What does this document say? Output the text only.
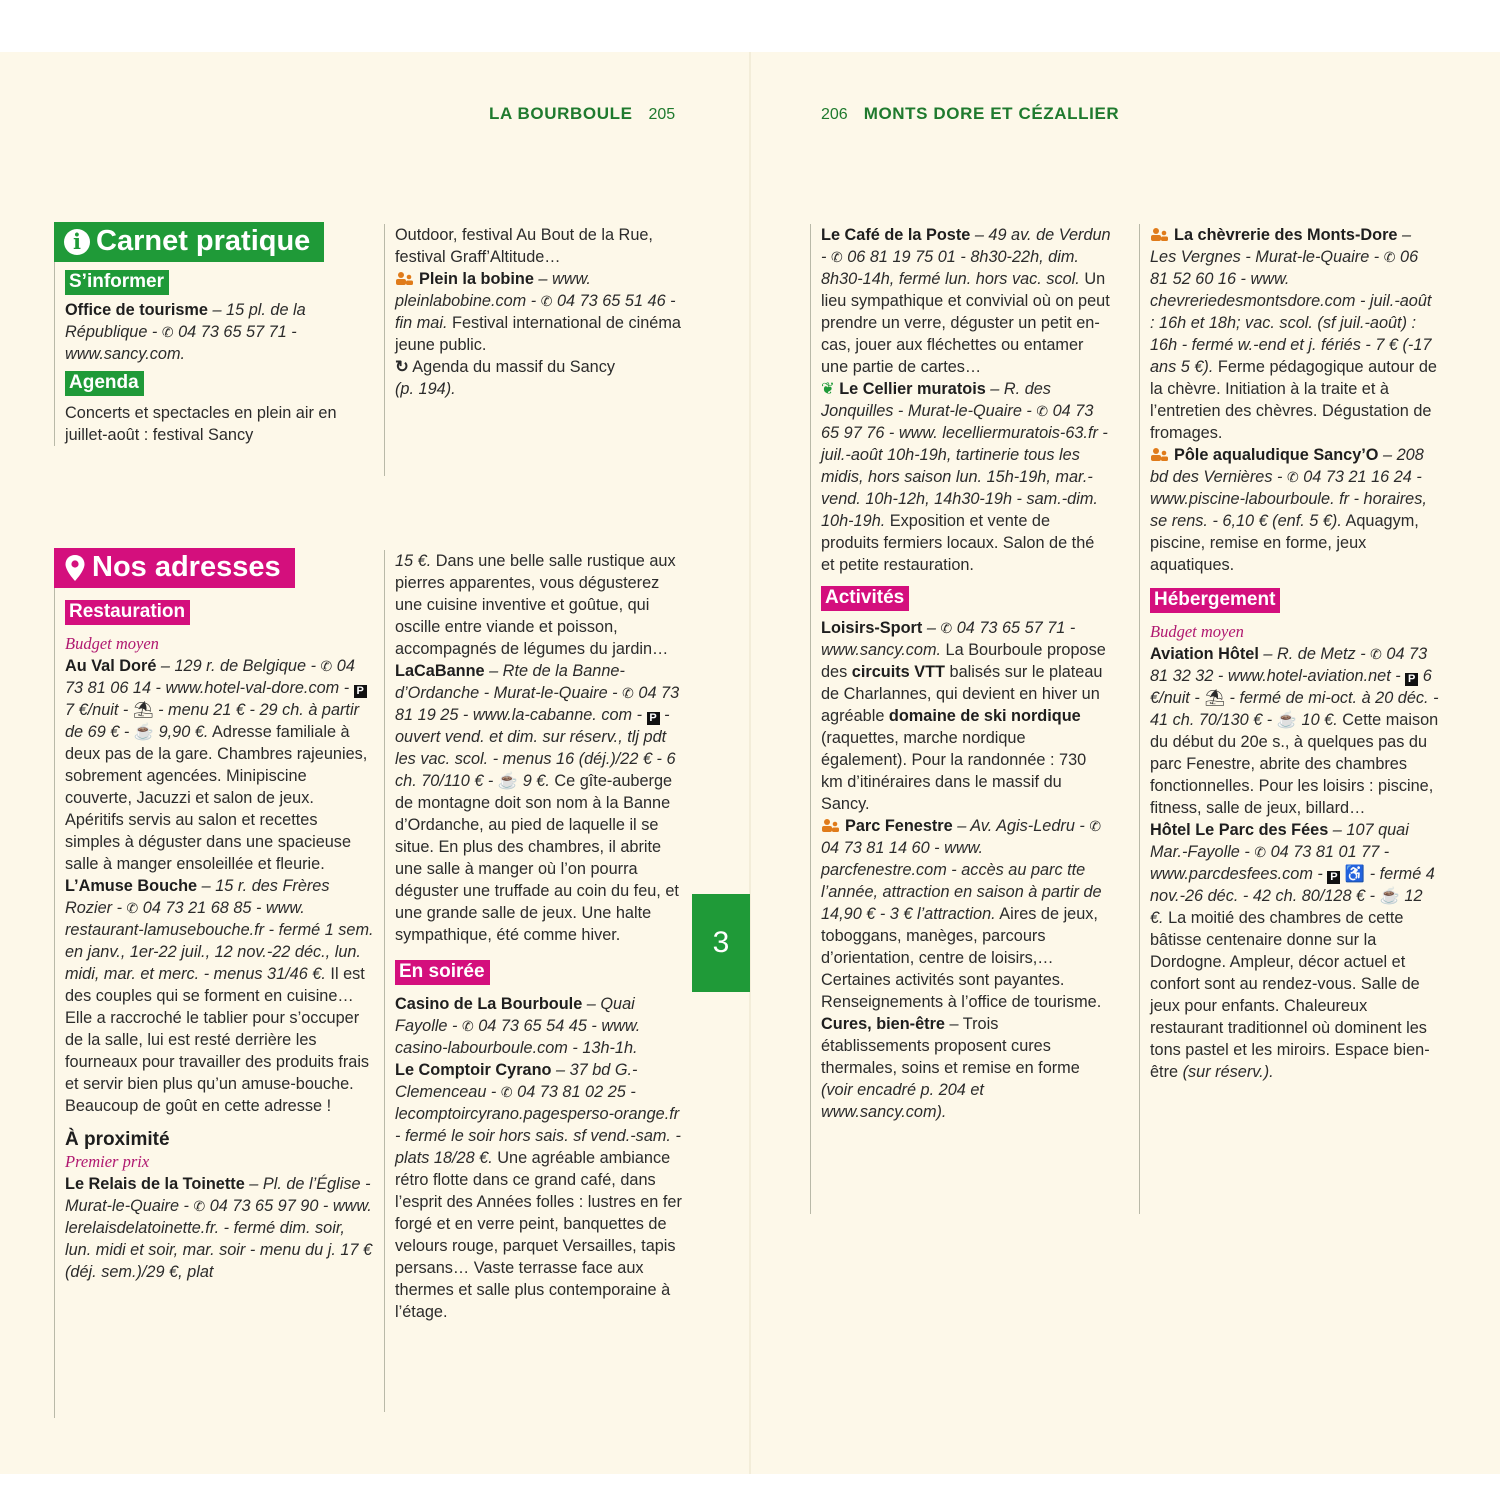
LA BOURBOULE 205	206 MONTS DORE ET CÉZALLIER
i Carnet pratique
S’informer

Office de tourisme – 15 pl. de la République - ✆ 04 73 65 57 71 - www.sancy.com.

Agenda

Concerts et spectacles en plein air en juillet-août : festival Sancy

Outdoor, festival Au Bout de la Rue, festival Graff’Altitude…

Plein la bobine – www. pleinlabobine.com - ✆ 04 73 65 51 46 - fin mai. Festival international de cinéma jeune public.

↻ Agenda du massif du Sancy
(p. 194).

Nos adresses
Restauration

Budget moyen

Au Val Doré – 129 r. de Belgique - ✆ 04 73 81 06 14 - www.hotel-val-dore.com - P 7 €/nuit - ⛱ - menu 21 € - 29 ch. à partir de 69 € - ☕ 9,90 €. Adresse familiale à deux pas de la gare. Chambres rajeunies, sobrement agencées. Minipiscine couverte, Jacuzzi et salon de jeux. Apéritifs servis au salon et recettes simples à déguster dans une spacieuse salle à manger ensoleillée et fleurie.

L’Amuse Bouche – 15 r. des Frères Rozier - ✆ 04 73 21 68 85 - www. restaurant-lamusebouche.fr - fermé 1 sem. en janv., 1er-22 juil., 12 nov.-22 déc., lun. midi, mar. et merc. - menus 31/46 €. Il est des couples qui se forment en cuisine… Elle a raccroché le tablier pour s’occuper de la salle, lui est resté derrière les fourneaux pour travailler des produits frais et servir bien plus qu’un amuse-bouche. Beaucoup de goût en cette adresse !

À proximité

Premier prix

Le Relais de la Toinette – Pl. de l’Église - Murat-le-Quaire - ✆ 04 73 65 97 90 - www. lerelaisdelatoinette.fr. - fermé dim. soir, lun. midi et soir, mar. soir - menu du j. 17 € (déj. sem.)/29 €, plat

15 €. Dans une belle salle rustique aux pierres apparentes, vous dégusterez une cuisine inventive et goûtue, qui oscille entre viande et poisson, accompagnés de légumes du jardin…

LaCaBanne – Rte de la Banne-d’Ordanche - Murat-le-Quaire - ✆ 04 73 81 19 25 - www.la-cabanne. com - P - ouvert vend. et dim. sur réserv., tlj pdt les vac. scol. - menus 16 (déj.)/22 € - 6 ch. 70/110 € - ☕ 9 €. Ce gîte-auberge de montagne doit son nom à la Banne d’Ordanche, au pied de laquelle il se situe. En plus des chambres, il abrite une salle à manger où l’on pourra déguster une truffade au coin du feu, et une grande salle de jeux. Une halte sympathique, été comme hiver.

En soirée

Casino de La Bourboule – Quai Fayolle - ✆ 04 73 65 54 45 - www. casino-labourboule.com - 13h-1h.

Le Comptoir Cyrano – 37 bd G.-Clemenceau - ✆ 04 73 81 02 25 - lecomptoircyrano.pagesperso-orange.fr - fermé le soir hors sais. sf vend.-sam. - plats 18/28 €. Une agréable ambiance rétro flotte dans ce grand café, dans l’esprit des Années folles : lustres en fer forgé et en verre peint, banquettes de velours rouge, parquet Versailles, tapis persans… Vaste terrasse face aux thermes et salle plus contemporaine à l’étage.

3

Le Café de la Poste – 49 av. de Verdun - ✆ 06 81 19 75 01 - 8h30-22h, dim. 8h30-14h, fermé lun. hors vac. scol. Un lieu sympathique et convivial où on peut prendre un verre, déguster un petit en-cas, jouer aux fléchettes ou entamer une partie de cartes…

❦ Le Cellier muratois – R. des Jonquilles - Murat-le-Quaire - ✆ 04 73 65 97 76 - www. lecelliermuratois-63.fr - juil.-août 10h-19h, tartinerie tous les midis, hors saison lun. 15h-19h, mar.-vend. 10h-12h, 14h30-19h - sam.-dim. 10h-19h. Exposition et vente de produits fermiers locaux. Salon de thé et petite restauration.

Activités

Loisirs-Sport – ✆ 04 73 65 57 71 - www.sancy.com. La Bourboule propose des circuits VTT balisés sur le plateau de Charlannes, qui devient en hiver un agréable domaine de ski nordique (raquettes, marche nordique également). Pour la randonnée : 730 km d’itinéraires dans le massif du Sancy.

Parc Fenestre – Av. Agis-Ledru - ✆ 04 73 81 14 60 - www. parcfenestre.com - accès au parc tte l’année, attraction en saison à partir de 14,90 € - 3 € l’attraction. Aires de jeux, toboggans, manèges, parcours d’orientation, centre de loisirs,… Certaines activités sont payantes. Renseignements à l’office de tourisme.

Cures, bien-être – Trois établissements proposent cures thermales, soins et remise en forme (voir encadré p. 204 et www.sancy.com).

La chèvrerie des Monts-Dore – Les Vergnes - Murat-le-Quaire - ✆ 06 81 52 60 16 - www. chevreriedesmontsdore.com - juil.-août : 16h et 18h; vac. scol. (sf juil.-août) : 16h - fermé w.-end et j. fériés - 7 € (-17 ans 5 €). Ferme pédagogique autour de la chèvre. Initiation à la traite et à l’entretien des chèvres. Dégustation de fromages.

Pôle aqualudique Sancy’O – 208 bd des Vernières - ✆ 04 73 21 16 24 - www.piscine-labourboule. fr - horaires, se rens. - 6,10 € (enf. 5 €). Aquagym, piscine, remise en forme, jeux aquatiques.

Hébergement

Budget moyen

Aviation Hôtel – R. de Metz - ✆ 04 73 81 32 32 - www.hotel-aviation.net - P 6 €/nuit - ⛱ - fermé de mi-oct. à 20 déc. - 41 ch. 70/130 € - ☕ 10 €. Cette maison du début du 20e s., à quelques pas du parc Fenestre, abrite des chambres fonctionnelles. Pour les loisirs : piscine, fitness, salle de jeux, billard…

Hôtel Le Parc des Fées – 107 quai Mar.-Fayolle - ✆ 04 73 81 01 77 - www.parcdesfees.com - P ♿ - fermé 4 nov.-26 déc. - 42 ch. 80/128 € - ☕ 12 €. La moitié des chambres de cette bâtisse centenaire donne sur la Dordogne. Ampleur, décor actuel et confort sont au rendez-vous. Salle de jeux pour enfants. Chaleureux restaurant traditionnel où dominent les tons pastel et les miroirs. Espace bien-être (sur réserv.).
